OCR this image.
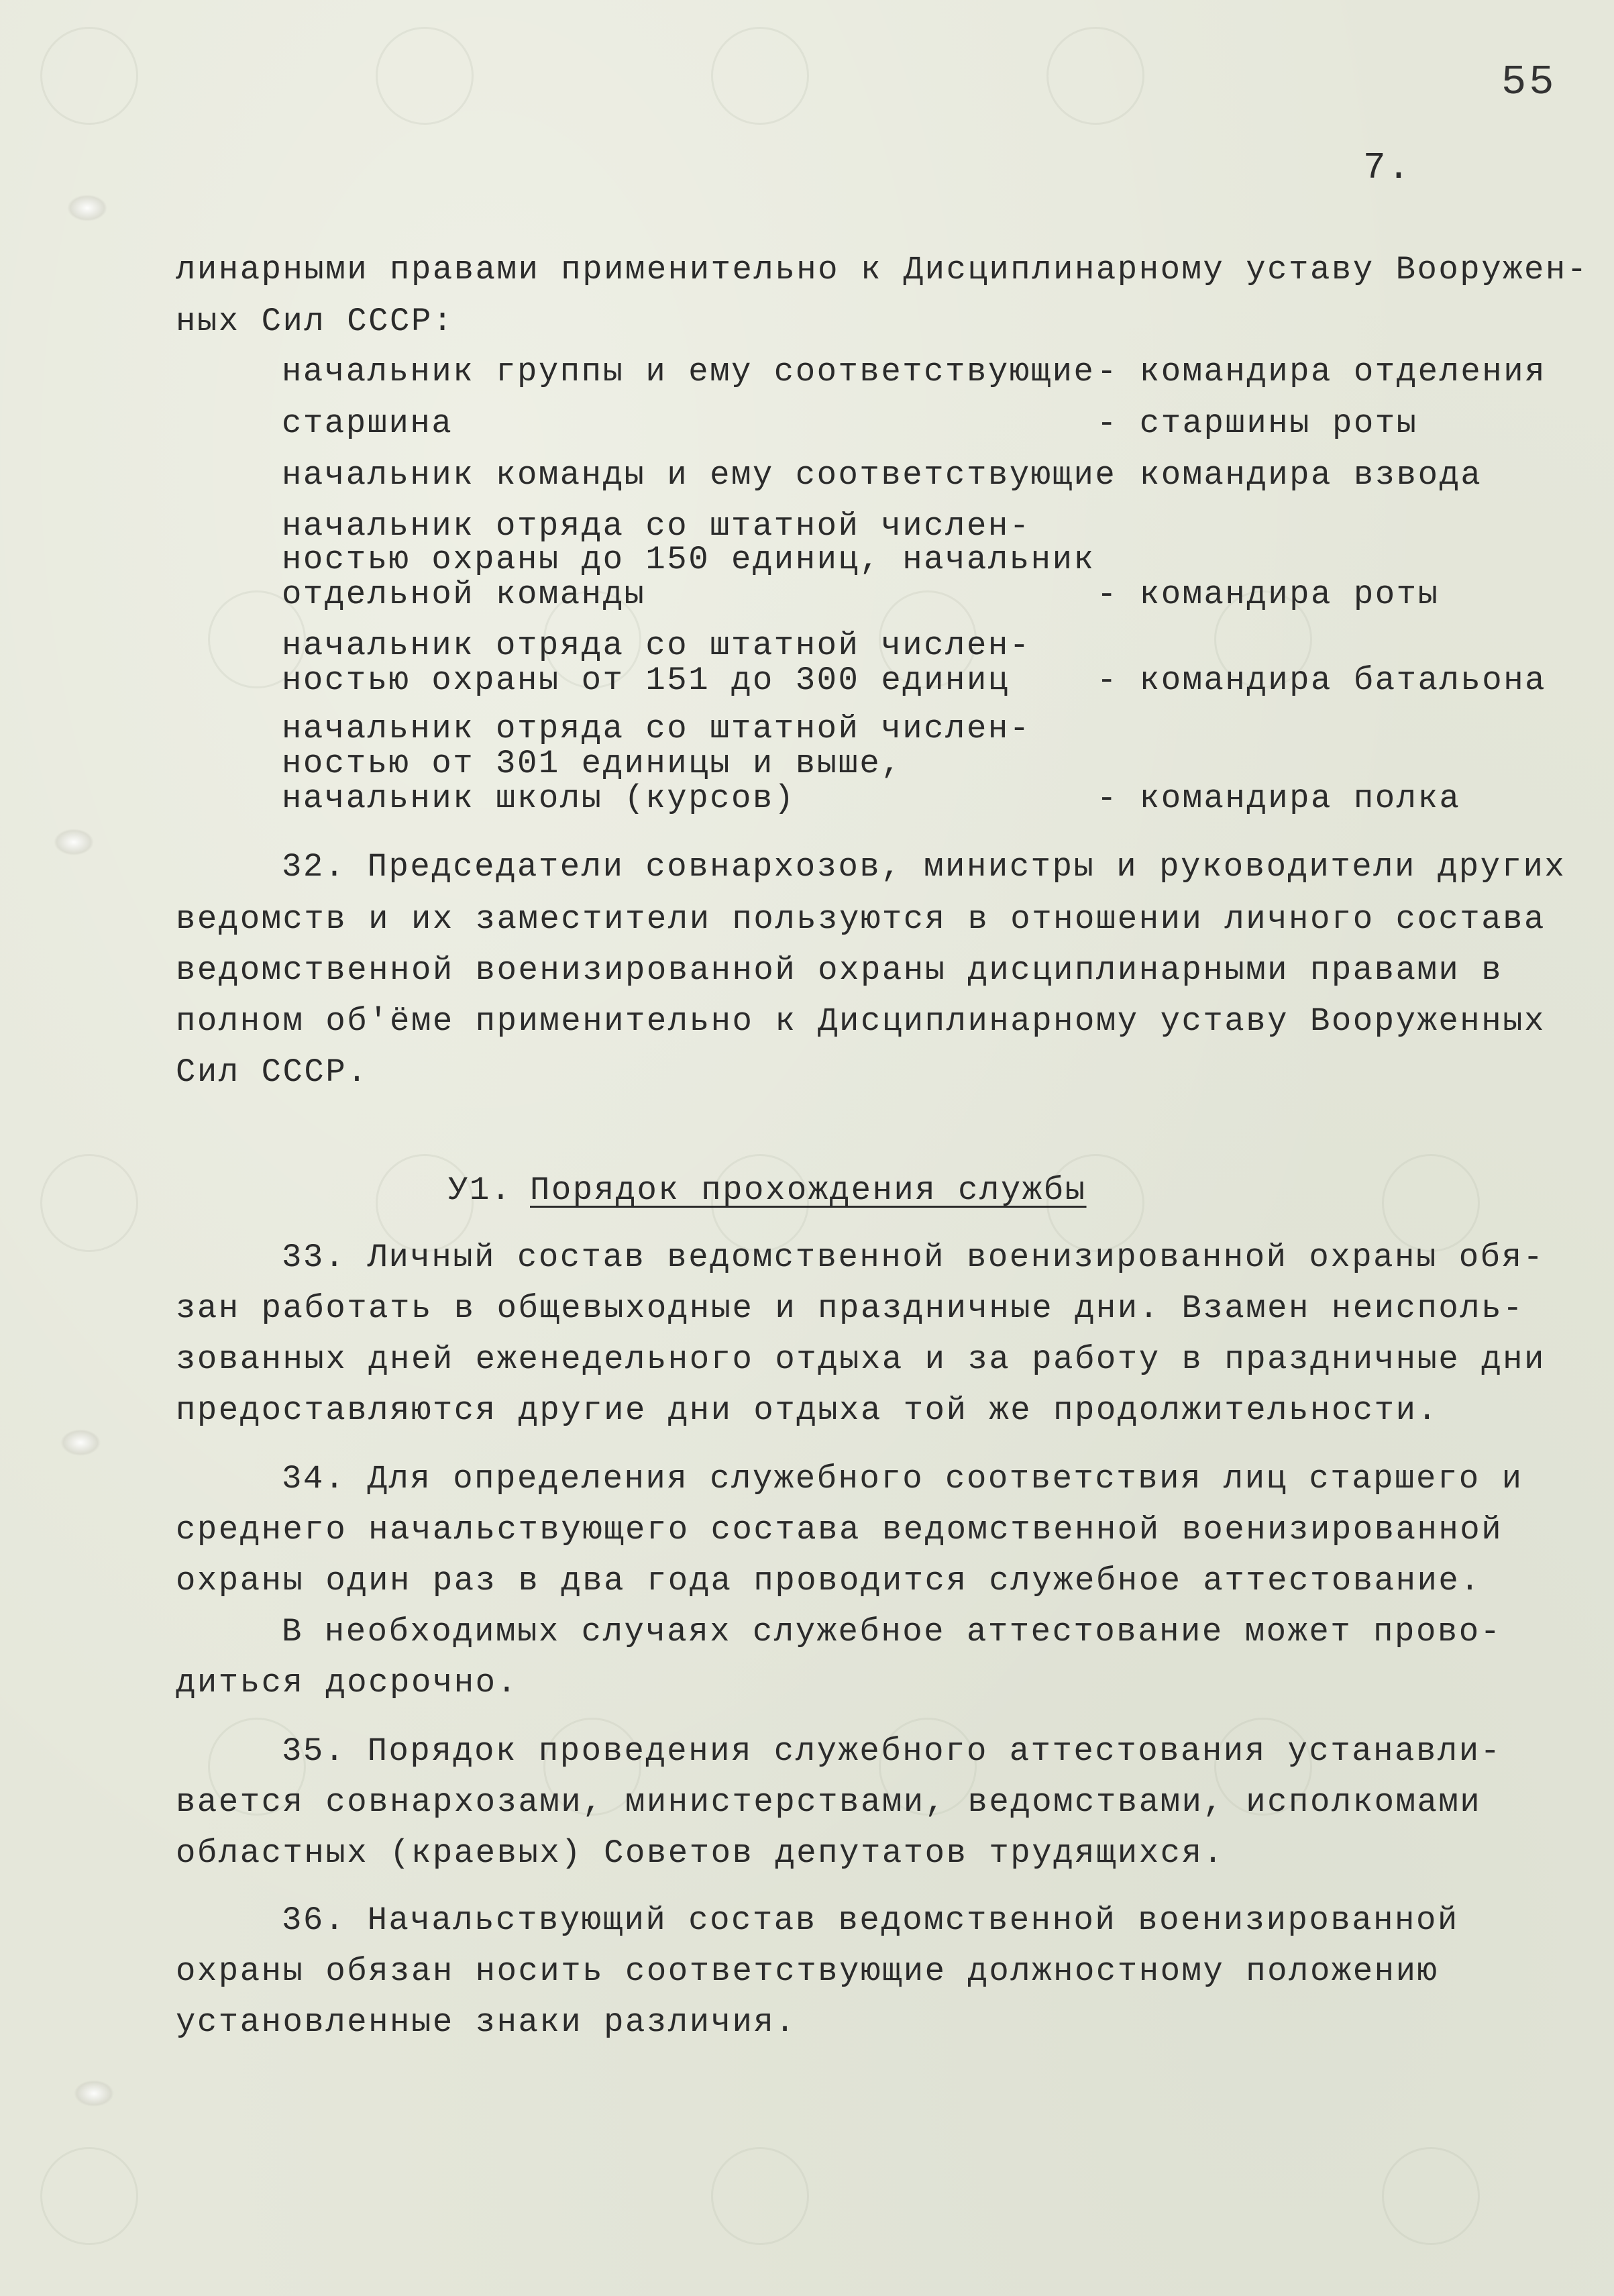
55
7.
линарными правами применительно к Дисциплинарному уставу Вооружен-
ных Сил СССР:
начальник группы и ему соответствующие - командира отделения
старшина	- старшины роты
начальник команды и ему соответствующие
- командира взвода
начальник отряда со штатной числен-
ностью охраны до 150 единиц, начальник
отдельной команды	- командира роты
начальник отряда со штатной числен-
ностью охраны от 151 до 300 единиц	- командира батальона
начальник отряда со штатной числен-
ностью от 301 единицы и выше,
начальник школы (курсов)	- командира полка
32. Председатели совнархозов, министры и руководители других
ведомств и их заместители пользуются в отношении личного состава
ведомственной военизированной охраны дисциплинарными правами в
полном об'ёме применительно к Дисциплинарному уставу Вооруженных
Сил СССР.
У1. Порядок прохождения службы
33. Личный состав ведомственной военизированной охраны обя-
зан работать в общевыходные и праздничные дни. Взамен неисполь-
зованных дней еженедельного отдыха и за работу в праздничные дни
предоставляются другие дни отдыха той же продолжительности.
34. Для определения служебного соответствия лиц старшего и
среднего начальствующего состава ведомственной военизированной
охраны один раз в два года проводится служебное аттестование.
В необходимых случаях служебное аттестование может прово-
диться досрочно.
35. Порядок проведения служебного аттестования устанавли-
вается совнархозами, министерствами, ведомствами, исполкомами
областных (краевых) Советов депутатов трудящихся.
36. Начальствующий состав ведомственной военизированной
охраны обязан носить соответствующие должностному положению
установленные знаки различия.
